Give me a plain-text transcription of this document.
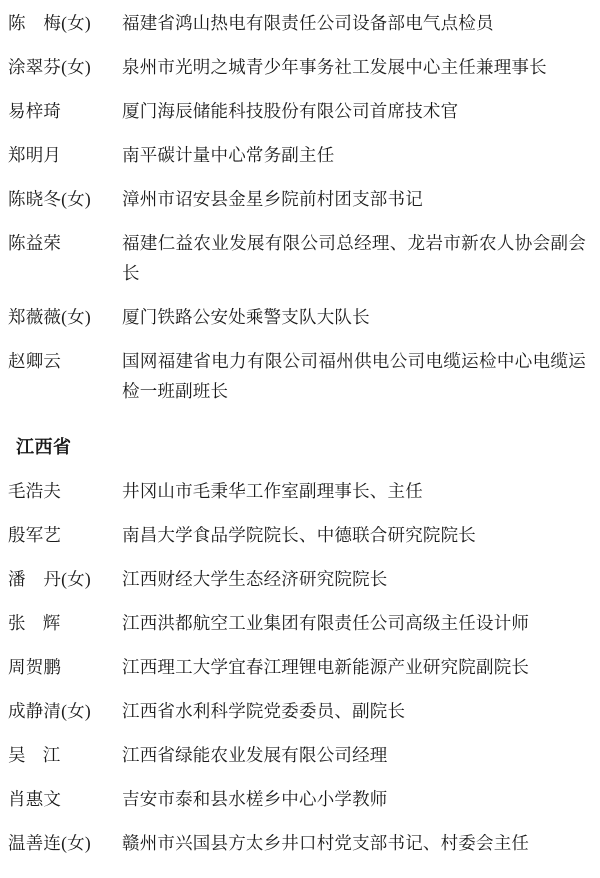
陈　梅(女)	福建省鸿山热电有限责任公司设备部电气点检员
涂翠芬(女)	泉州市光明之城青少年事务社工发展中心主任兼理事长
易梓琦	厦门海辰储能科技股份有限公司首席技术官
郑明月	南平碳计量中心常务副主任
陈晓冬(女)	漳州市诏安县金星乡院前村团支部书记
陈益荣	福建仁益农业发展有限公司总经理、龙岩市新农人协会副会长
郑薇薇(女)	厦门铁路公安处乘警支队大队长
赵卿云	国网福建省电力有限公司福州供电公司电缆运检中心电缆运检一班副班长
江西省
毛浩夫	井冈山市毛秉华工作室副理事长、主任
殷军艺	南昌大学食品学院院长、中德联合研究院院长
潘　丹(女)	江西财经大学生态经济研究院院长
张 辉	江西洪都航空工业集团有限责任公司高级主任设计师
周贺鹏	江西理工大学宜春江理锂电新能源产业研究院副院长
成静清(女)	江西省水利科学院党委委员、副院长
吴 江	江西省绿能农业发展有限公司经理
肖惠文	吉安市泰和县水槎乡中心小学教师
温善连(女)	赣州市兴国县方太乡井口村党支部书记、村委会主任
